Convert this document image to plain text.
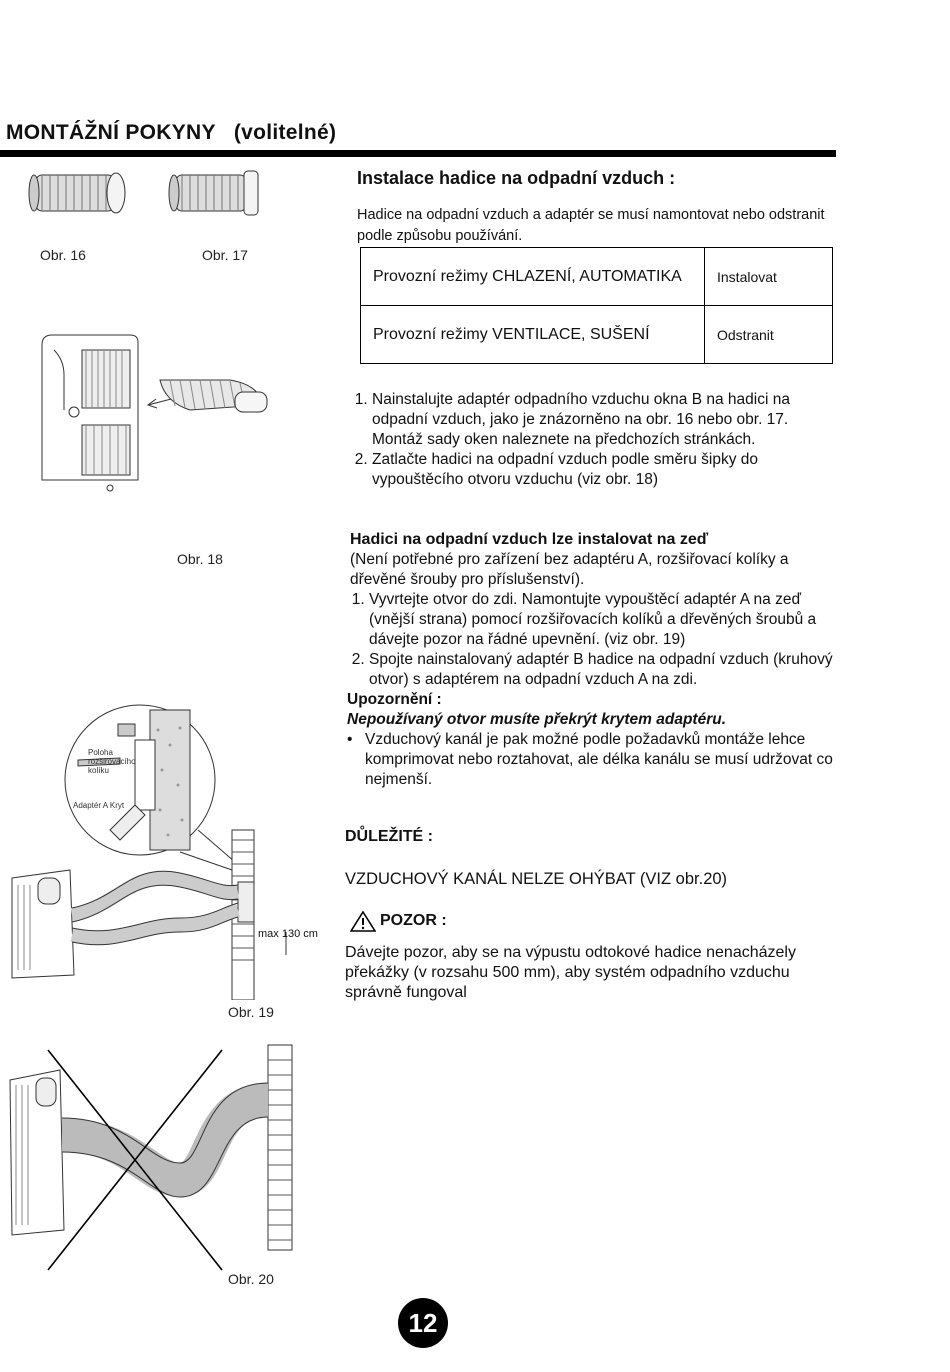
MONTÁŽNÍ POKYNY (volitelné)
Obr. 16	Obr. 17
Instalace hadice na odpadní vzduch :
Hadice na odpadní vzduch a adaptér se musí namontovat nebo odstranit podle způsobu používání.
Provozní režimy CHLAZENÍ, AUTOMATIKA	Instalovat
Provozní režimy VENTILACE, SUŠENÍ	Odstranit
Obr. 18
1. Nainstalujte adaptér odpadního vzduchu okna B na hadici na odpadní vzduch, jako je znázorněno na obr. 16 nebo obr. 17. Montáž sady oken naleznete na předchozích stránkách.
2. Zatlačte hadici na odpadní vzduch podle směru šipky do vypouštěcího otvoru vzduchu (viz obr. 18)
Hadici na odpadní vzduch lze instalovat na zeď
(Není potřebné pro zařízení bez adaptéru A, rozšiřovací kolíky a dřevěné šrouby pro příslušenství).
1. Vyvrtejte otvor do zdi. Namontujte vypouštěcí adaptér A na zeď (vnější strana) pomocí rozšiřovacích kolíků a dřevěných šroubů a dávejte pozor na řádné upevnění. (viz obr. 19)
2. Spojte nainstalovaný adaptér B hadice na odpadní vzduch (kruhový otvor) s adaptérem na odpadní vzduch A na zdi.
Upozornění :
Nepoužívaný otvor musíte překrýt krytem adaptéru.
• Vzduchový kanál je pak možné podle požadavků montáže lehce komprimovat nebo roztahovat, ale délka kanálu se musí udržovat co nejmenší.
Poloha rozšiřovacího kolíku
Adaptér A Kryt
max 130 cm
Obr. 19
DŮLEŽITÉ :
VZDUCHOVÝ KANÁL NELZE OHÝBAT (VIZ obr.20)
POZOR :
Dávejte pozor, aby se na výpustu odtokové hadice nenacházely překážky (v rozsahu 500 mm), aby systém odpadního vzduchu správně fungoval
Obr. 20
12
